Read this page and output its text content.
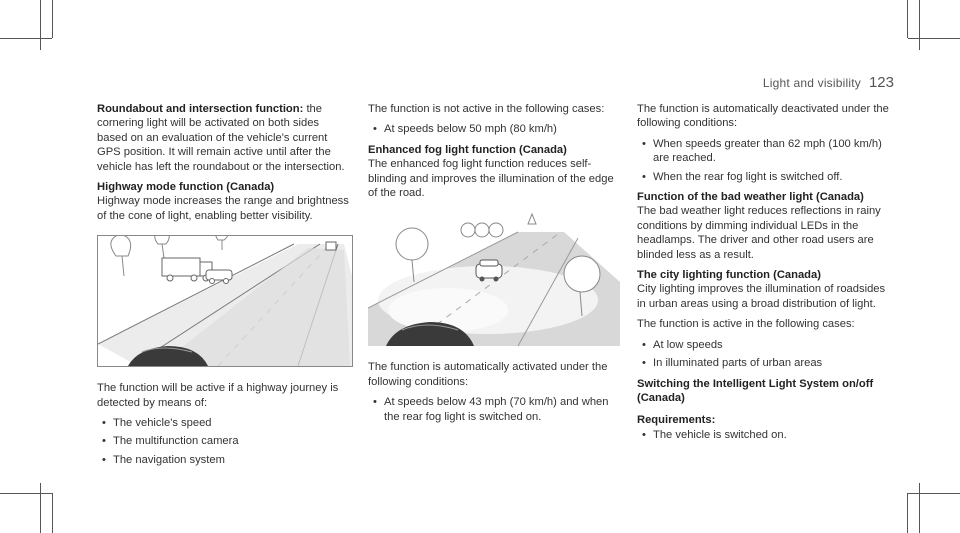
Light and visibility 123

Roundabout and intersection function: the cornering light will be activated on both sides based on an evaluation of the vehicle's current GPS position. It will remain active until after the vehicle has left the roundabout or the intersection.

Highway mode function (Canada)

Highway mode increases the range and brightness of the cone of light, enabling better visibility.

The function will be active if a highway journey is detected by means of:

• The vehicle's speed
• The multifunction camera
• The navigation system

The function is not active in the following cases:

• At speeds below 50 mph (80 km/h)
Enhanced fog light function (Canada)

The enhanced fog light function reduces self-blinding and improves the illumination of the edge of the road.

The function is automatically activated under the following conditions:

• At speeds below 43 mph (70 km/h) and when the rear fog light is switched on.

The function is automatically deactivated under the following conditions:

• When speeds greater than 62 mph (100 km/h) are reached.
• When the rear fog light is switched off.
Function of the bad weather light (Canada)

The bad weather light reduces reflections in rainy conditions by dimming individual LEDs in the headlamps. The driver and other road users are blinded less as a result.

The city lighting function (Canada)

City lighting improves the illumination of roadsides in urban areas using a broad distribution of light.

The function is active in the following cases:

• At low speeds
• In illuminated parts of urban areas
Switching the Intelligent Light System on/off (Canada)
Requirements:
• The vehicle is switched on.
